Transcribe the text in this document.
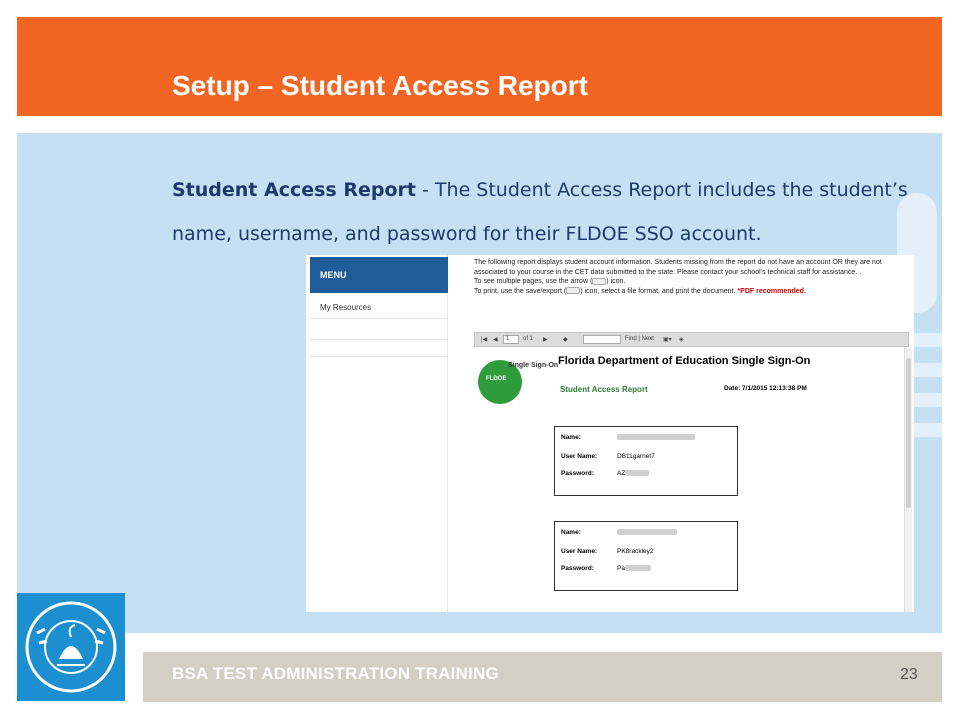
Setup – Student Access Report
Student Access Report - The Student Access Report includes the student’s name, username, and password for their FLDOE SSO account.
MENU
My Resources
The following report displays student account information. Students missing from the report do not have an account OR they are not associated to your course in the CET data submitted to the state. Please contact your school’s technical staff for assistance. .
To see multiple pages, use the arrow ( ) icon.
To print, use the save/export ( ) icon, select a file format, and print the document. *PDF recommended.
|◀ ◀	1	of 1 ▶	◆	Find | Next ▣▾ ◈
FLDOE
Single Sign-On Florida Department of Education Single Sign-On
Student Access Report	Date: 7/1/2015 12:13:38 PM
Name:
User Name:	DB11garnet7
Password:	AZ
Name:
User Name:	PK8rackley2
Password:	Pa
BSA TEST ADMINISTRATION TRAINING	23
